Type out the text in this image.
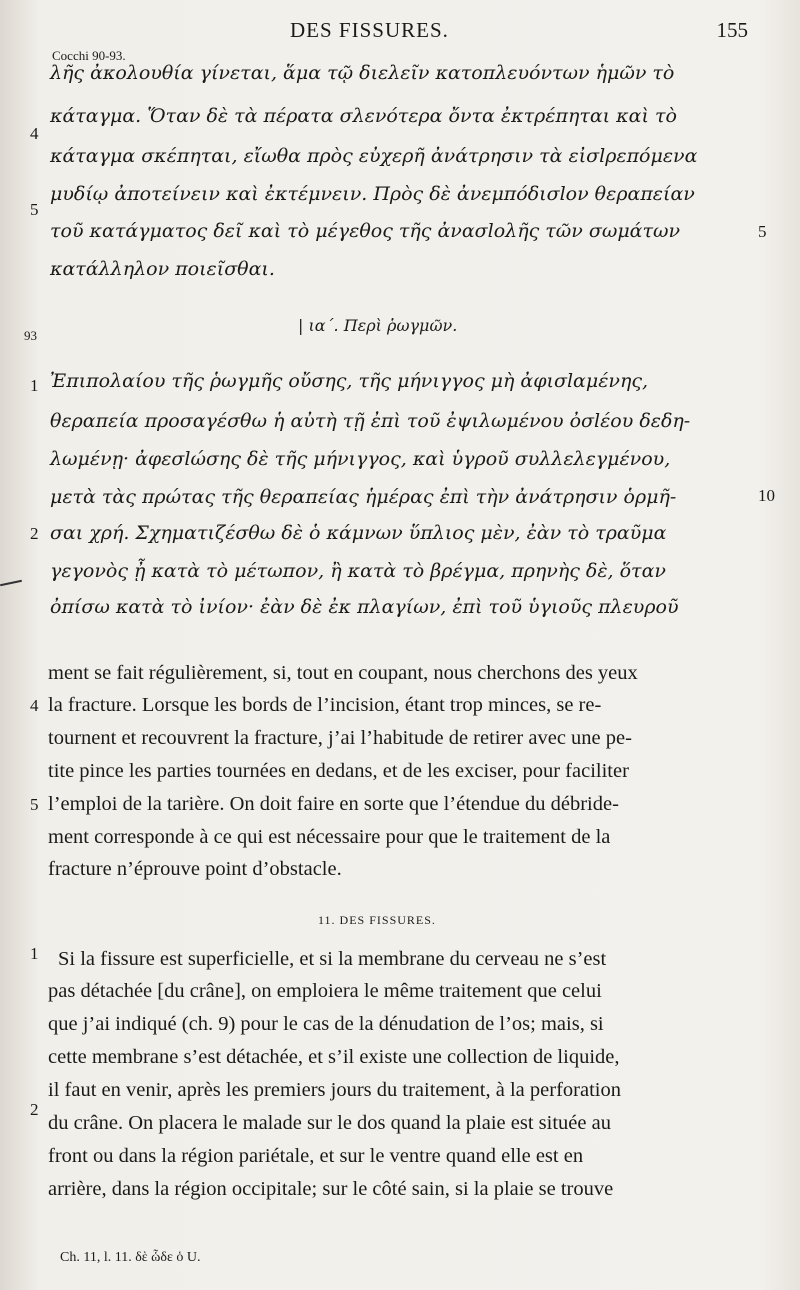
DES FISSURES.	155
Cocchi 90-93.
λῆς ἀκολουθία γίνεται, ἅμα τῷ διελεῖν κατοπλευόντων ἡμῶν τὸ
κάταγμα. Ὅταν δὲ τὰ πέρατα σλενότερα ὄντα ἐκτρέπηται καὶ τὸ
κάταγμα σκέπηται, εἴωθα πρὸς εὐχερῆ ἀνάτρησιν τὰ εἰσlρεπόμενα
μυδίῳ ἀποτείνειν καὶ ἐκτέμνειν. Πρὸς δὲ ἀνεμπόδισlον θεραπείαν
τοῦ κατάγματος δεῖ καὶ τὸ μέγεθος τῆς ἀνασlολῆς τῶν σωμάτων
κατάλληλον ποιεῖσθαι.
4
5
5
93
| ια΄. Περὶ ῥωγμῶν.
Ἐπιπολαίου τῆς ῥωγμῆς οὔσης, τῆς μήνιγγος μὴ ἀφισlαμένης,
θεραπεία προσαγέσθω ἡ αὐτὴ τῇ ἐπὶ τοῦ ἐψιλωμένου ὀσlέου δεδη-
λωμένῃ· ἀφεσlώσης δὲ τῆς μήνιγγος, καὶ ὑγροῦ συλλελεγμένου,
μετὰ τὰς πρώτας τῆς θεραπείας ἡμέρας ἐπὶ τὴν ἀνάτρησιν ὁρμῆ-
σαι χρή. Σχηματιζέσθω δὲ ὁ κάμνων ὕπλιος μὲν, ἐὰν τὸ τραῦμα
γεγονὸς ᾖ κατὰ τὸ μέτωπον, ἢ κατὰ τὸ βρέγμα, πρηνὴς δὲ, ὅταν
ὀπίσω κατὰ τὸ ἰνίον· ἐὰν δὲ ἐκ πλαγίων, ἐπὶ τοῦ ὑγιοῦς πλευροῦ
1
2
10
ment se fait régulièrement, si, tout en coupant, nous cherchons des yeux
la fracture. Lorsque les bords de l’incision, étant trop minces, se re-
tournent et recouvrent la fracture, j’ai l’habitude de retirer avec une pe-
tite pince les parties tournées en dedans, et de les exciser, pour faciliter
l’emploi de la tarière. On doit faire en sorte que l’étendue du débride-
ment corresponde à ce qui est nécessaire pour que le traitement de la
fracture n’éprouve point d’obstacle.
4
5
11. DES FISSURES.
Si la fissure est superficielle, et si la membrane du cerveau ne s’est
pas détachée [du crâne], on emploiera le même traitement que celui
que j’ai indiqué (ch. 9) pour le cas de la dénudation de l’os; mais, si
cette membrane s’est détachée, et s’il existe une collection de liquide,
il faut en venir, après les premiers jours du traitement, à la perforation
du crâne. On placera le malade sur le dos quand la plaie est située au
front ou dans la région pariétale, et sur le ventre quand elle est en
arrière, dans la région occipitale; sur le côté sain, si la plaie se trouve
1
2
Ch. 11, l. 11. δὲ ὧδε ὁ U.
